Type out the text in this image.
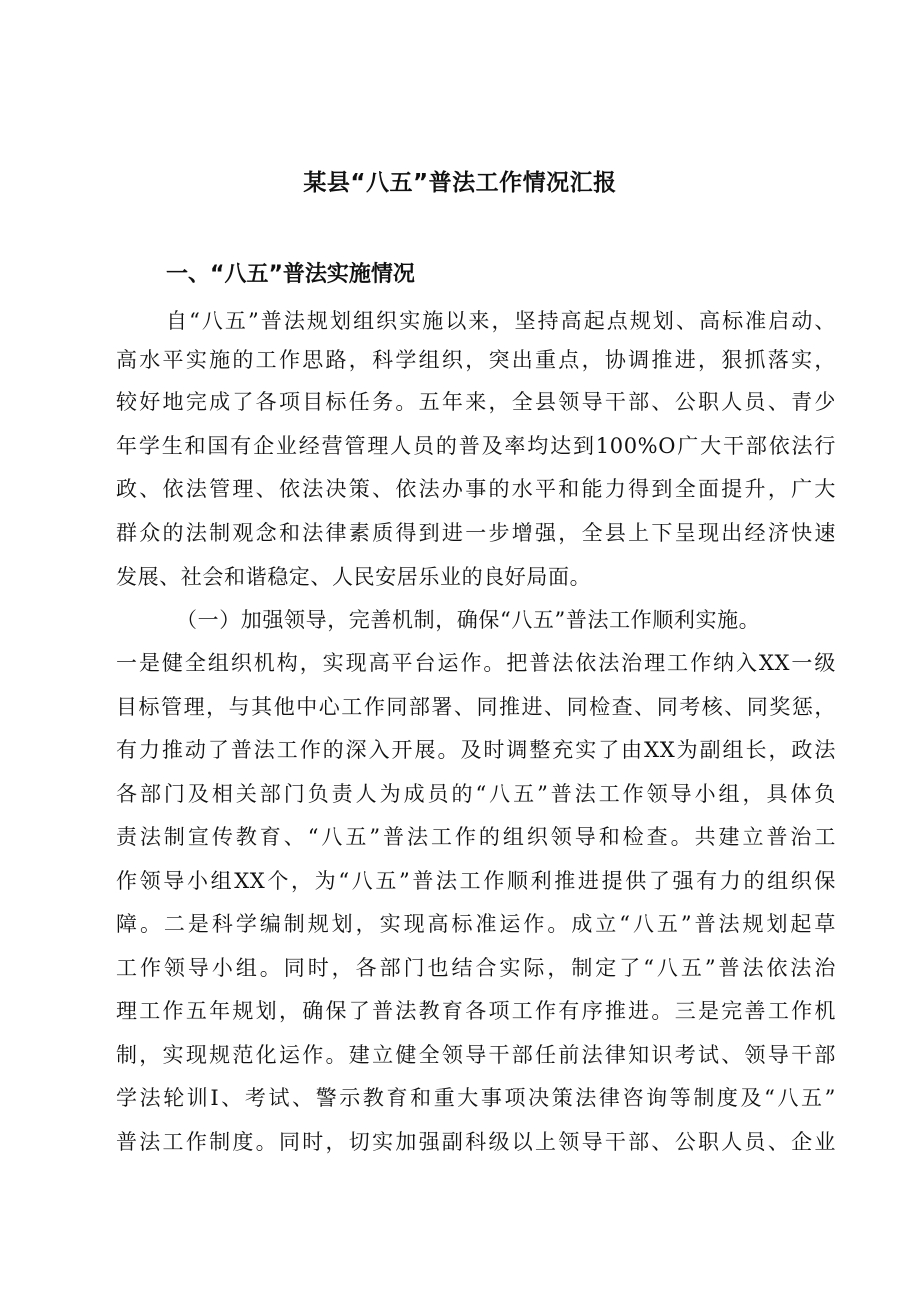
某县“八五”普法工作情况汇报
一、“八五”普法实施情况
自“八五”普法规划组织实施以来，坚持高起点规划、高标准启动、
高水平实施的工作思路，科学组织，突出重点，协调推进，狠抓落实，
较好地完成了各项目标任务。五年来，全县领导干部、公职人员、青少
年学生和国有企业经营管理人员的普及率均达到100%O广大干部依法行
政、依法管理、依法决策、依法办事的水平和能力得到全面提升，广大
群众的法制观念和法律素质得到进一步增强，全县上下呈现出经济快速
发展、社会和谐稳定、人民安居乐业的良好局面。
（一）加强领导，完善机制，确保“八五”普法工作顺利实施。
一是健全组织机构，实现高平台运作。把普法依法治理工作纳入XX一级
目标管理，与其他中心工作同部署、同推进、同检查、同考核、同奖惩，
有力推动了普法工作的深入开展。及时调整充实了由XX为副组长，政法
各部门及相关部门负责人为成员的“八五”普法工作领导小组，具体负
责法制宣传教育、“八五”普法工作的组织领导和检查。共建立普治工
作领导小组XX个，为“八五”普法工作顺利推进提供了强有力的组织保
障。二是科学编制规划，实现高标准运作。成立“八五”普法规划起草
工作领导小组。同时，各部门也结合实际，制定了“八五”普法依法治
理工作五年规划，确保了普法教育各项工作有序推进。三是完善工作机
制，实现规范化运作。建立健全领导干部任前法律知识考试、领导干部
学法轮训I、考试、警示教育和重大事项决策法律咨询等制度及“八五”
普法工作制度。同时，切实加强副科级以上领导干部、公职人员、企业
